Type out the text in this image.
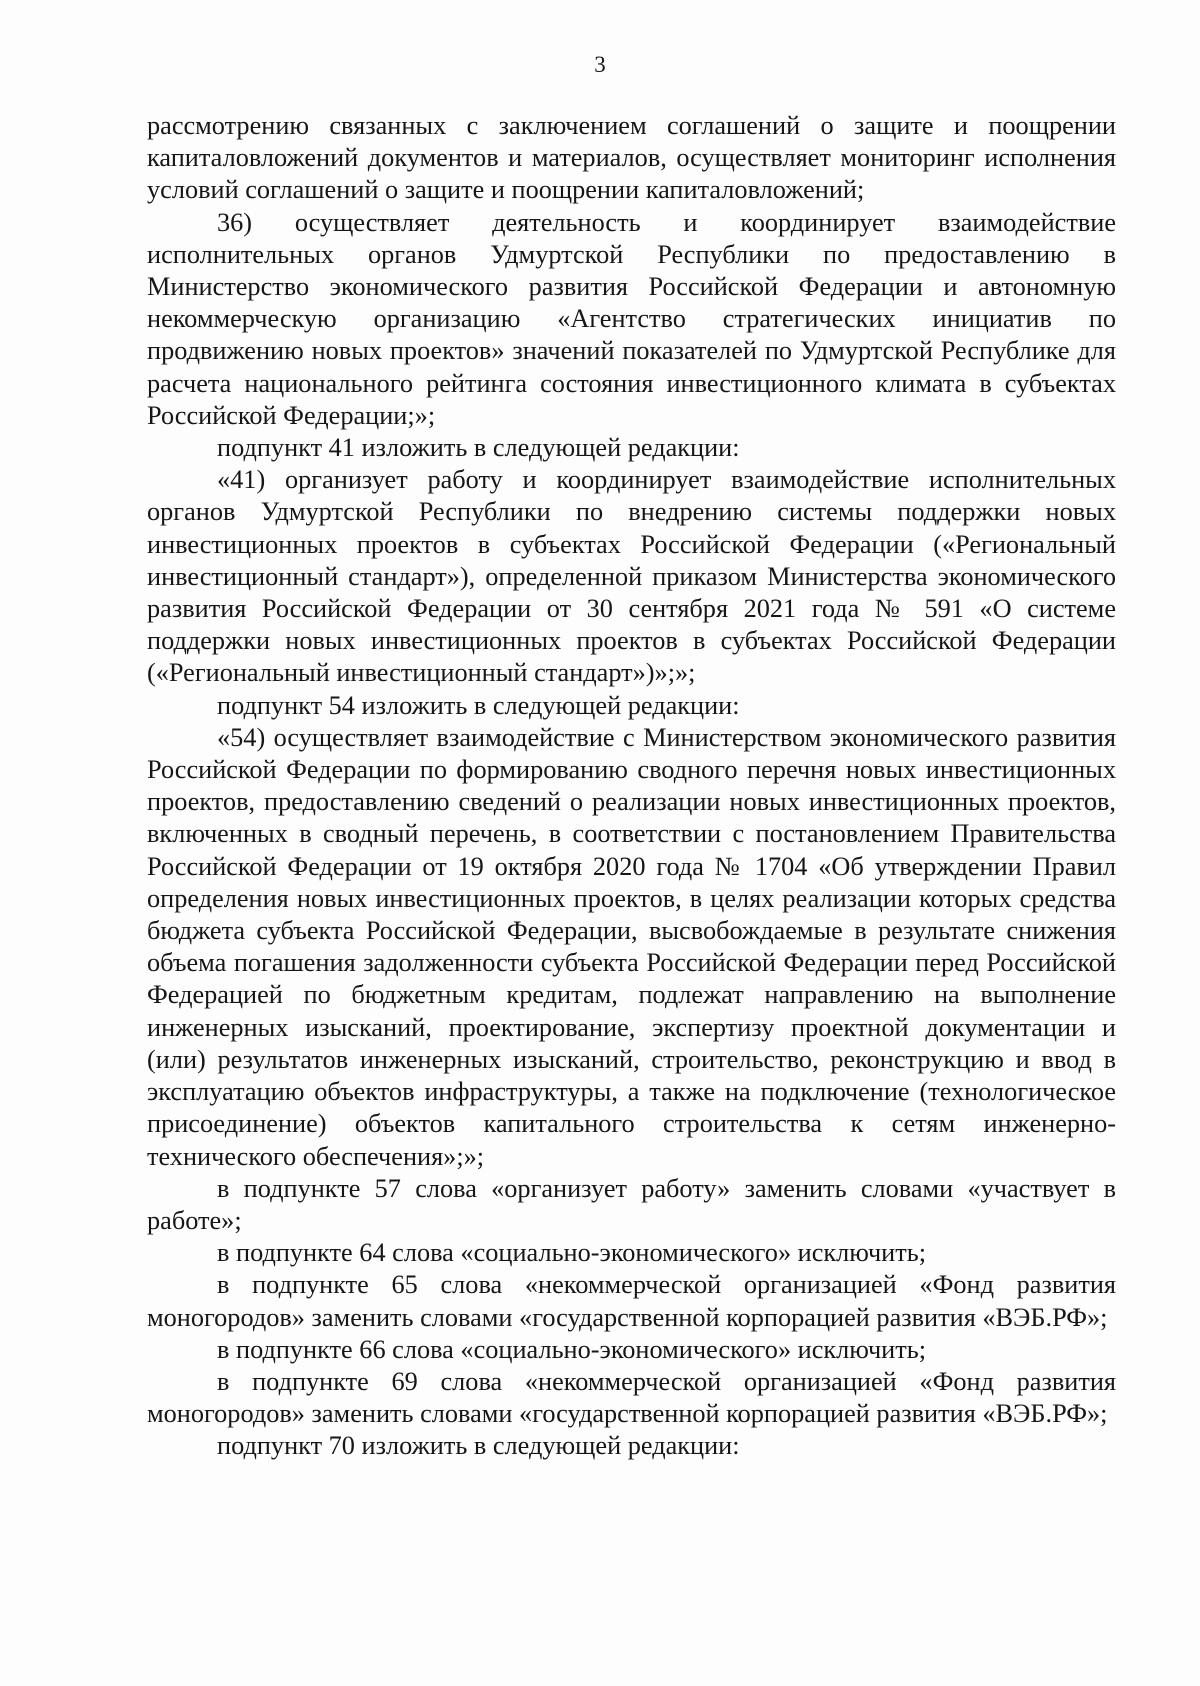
3

рассмотрению связанных с заключением соглашений о защите и поощрении капиталовложений документов и материалов, осуществляет мониторинг исполнения условий соглашений о защите и поощрении капиталовложений;

36) осуществляет деятельность и координирует взаимодействие исполнительных органов Удмуртской Республики по предоставлению в Министерство экономического развития Российской Федерации и автономную некоммерческую организацию «Агентство стратегических инициатив по продвижению новых проектов» значений показателей по Удмуртской Республике для расчета национального рейтинга состояния инвестиционного климата в субъектах Российской Федерации;»;

подпункт 41 изложить в следующей редакции:

«41) организует работу и координирует взаимодействие исполнительных органов Удмуртской Республики по внедрению системы поддержки новых инвестиционных проектов в субъектах Российской Федерации («Региональный инвестиционный стандарт»), определенной приказом Министерства экономического развития Российской Федерации от 30 сентября 2021 года № 591 «О системе поддержки новых инвестиционных проектов в субъектах Российской Федерации («Региональный инвестиционный стандарт»)»;»;

подпункт 54 изложить в следующей редакции:

«54) осуществляет взаимодействие с Министерством экономического развития Российской Федерации по формированию сводного перечня новых инвестиционных проектов, предоставлению сведений о реализации новых инвестиционных проектов, включенных в сводный перечень, в соответствии с постановлением Правительства Российской Федерации от 19 октября 2020 года № 1704 «Об утверждении Правил определения новых инвестиционных проектов, в целях реализации которых средства бюджета субъекта Российской Федерации, высвобождаемые в результате снижения объема погашения задолженности субъекта Российской Федерации перед Российской Федерацией по бюджетным кредитам, подлежат направлению на выполнение инженерных изысканий, проектирование, экспертизу проектной документации и (или) результатов инженерных изысканий, строительство, реконструкцию и ввод в эксплуатацию объектов инфраструктуры, а также на подключение (технологическое присоединение) объектов капитального строительства к сетям инженерно-технического обеспечения»;»;

в подпункте 57 слова «организует работу» заменить словами «участвует в работе»;

в подпункте 64 слова «социально-экономического» исключить;

в подпункте 65 слова «некоммерческой организацией «Фонд развития моногородов» заменить словами «государственной корпорацией развития «ВЭБ.РФ»;

в подпункте 66 слова «социально-экономического» исключить;

в подпункте 69 слова «некоммерческой организацией «Фонд развития моногородов» заменить словами «государственной корпорацией развития «ВЭБ.РФ»;

подпункт 70 изложить в следующей редакции:
